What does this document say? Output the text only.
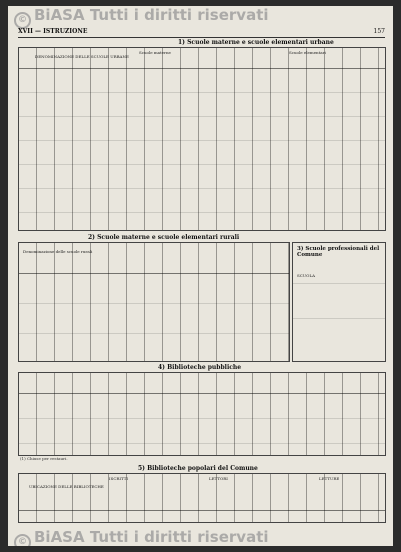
© BiASA Tutti i diritti riservati
XVII — ISTRUZIONE	157
1) Scuole materne e scuole elementari urbane
DENOMINAZIONE DELLE SCUOLE URBANE
Scuole materne	Scuole elementari
2) Scuole materne e scuole elementari rurali
Denominazione delle scuole rurali	3) Scuole professionali del Comune
SCUOLA
4) Biblioteche pubbliche
(1) Chiuse per restauri.
5) Biblioteche popolari del Comune
UBICAZIONE DELLE BIBLIOTECHE
ISCRITTI	LETTORI	LETTURE
© BiASA Tutti i diritti riservati
